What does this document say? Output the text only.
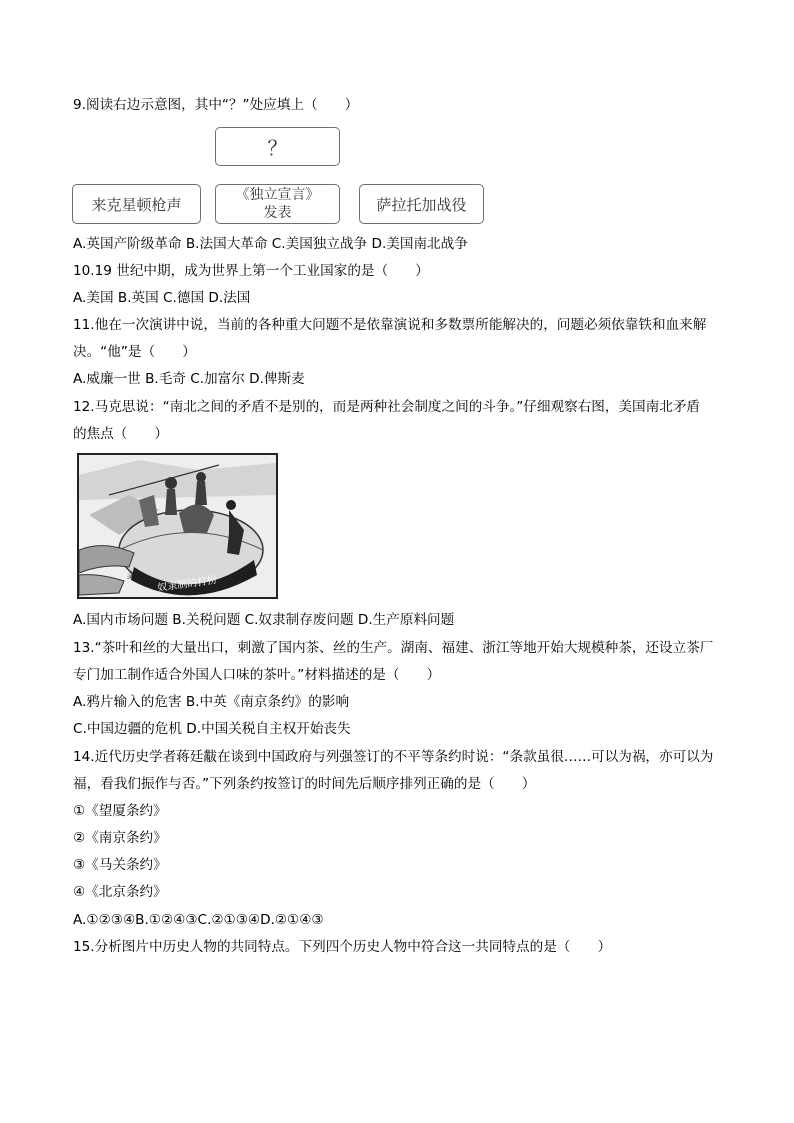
9.阅读右边示意图，其中“？”处应填上（　　）
？
来克星顿枪声
《独立宣言》
发表	萨拉托加战役
A.英国产阶级革命 B.法国大革命 C.美国独立战争 D.美国南北战争
10.19 世纪中期，成为世界上第一个工业国家的是（　　）
A.美国 B.英国 C.德国 D.法国
11.他在一次演讲中说，当前的各种重大问题不是依靠演说和多数票所能解决的，问题必须依靠铁和血来解
决。“他”是（　　）
A.威廉一世 B.毛奇 C.加富尔 D.俾斯麦
12.马克思说：“南北之间的矛盾不是别的，而是两种社会制度之间的斗争。”仔细观察右图，美国南北矛盾
的焦点（　　）
奴隶制的打扮
美
A.国内市场问题 B.关税问题 C.奴隶制存废问题 D.生产原料问题
13.“茶叶和丝的大量出口，刺激了国内茶、丝的生产。湖南、福建、浙江等地开始大规模种茶，还设立茶厂
专门加工制作适合外国人口味的茶叶。”材料描述的是（　　）
A.鸦片输入的危害 B.中英《南京条约》的影响
C.中国边疆的危机 D.中国关税自主权开始丧失
14.近代历史学者蒋廷黻在谈到中国政府与列强签订的不平等条约时说：“条款虽很……可以为祸，亦可以为
福，看我们振作与否。”下列条约按签订的时间先后顺序排列正确的是（　　）
①《望厦条约》
②《南京条约》
③《马关条约》
④《北京条约》
A.①②③④B.①②④③C.②①③④D.②①④③
15.分析图片中历史人物的共同特点。下列四个历史人物中符合这一共同特点的是（　　）
